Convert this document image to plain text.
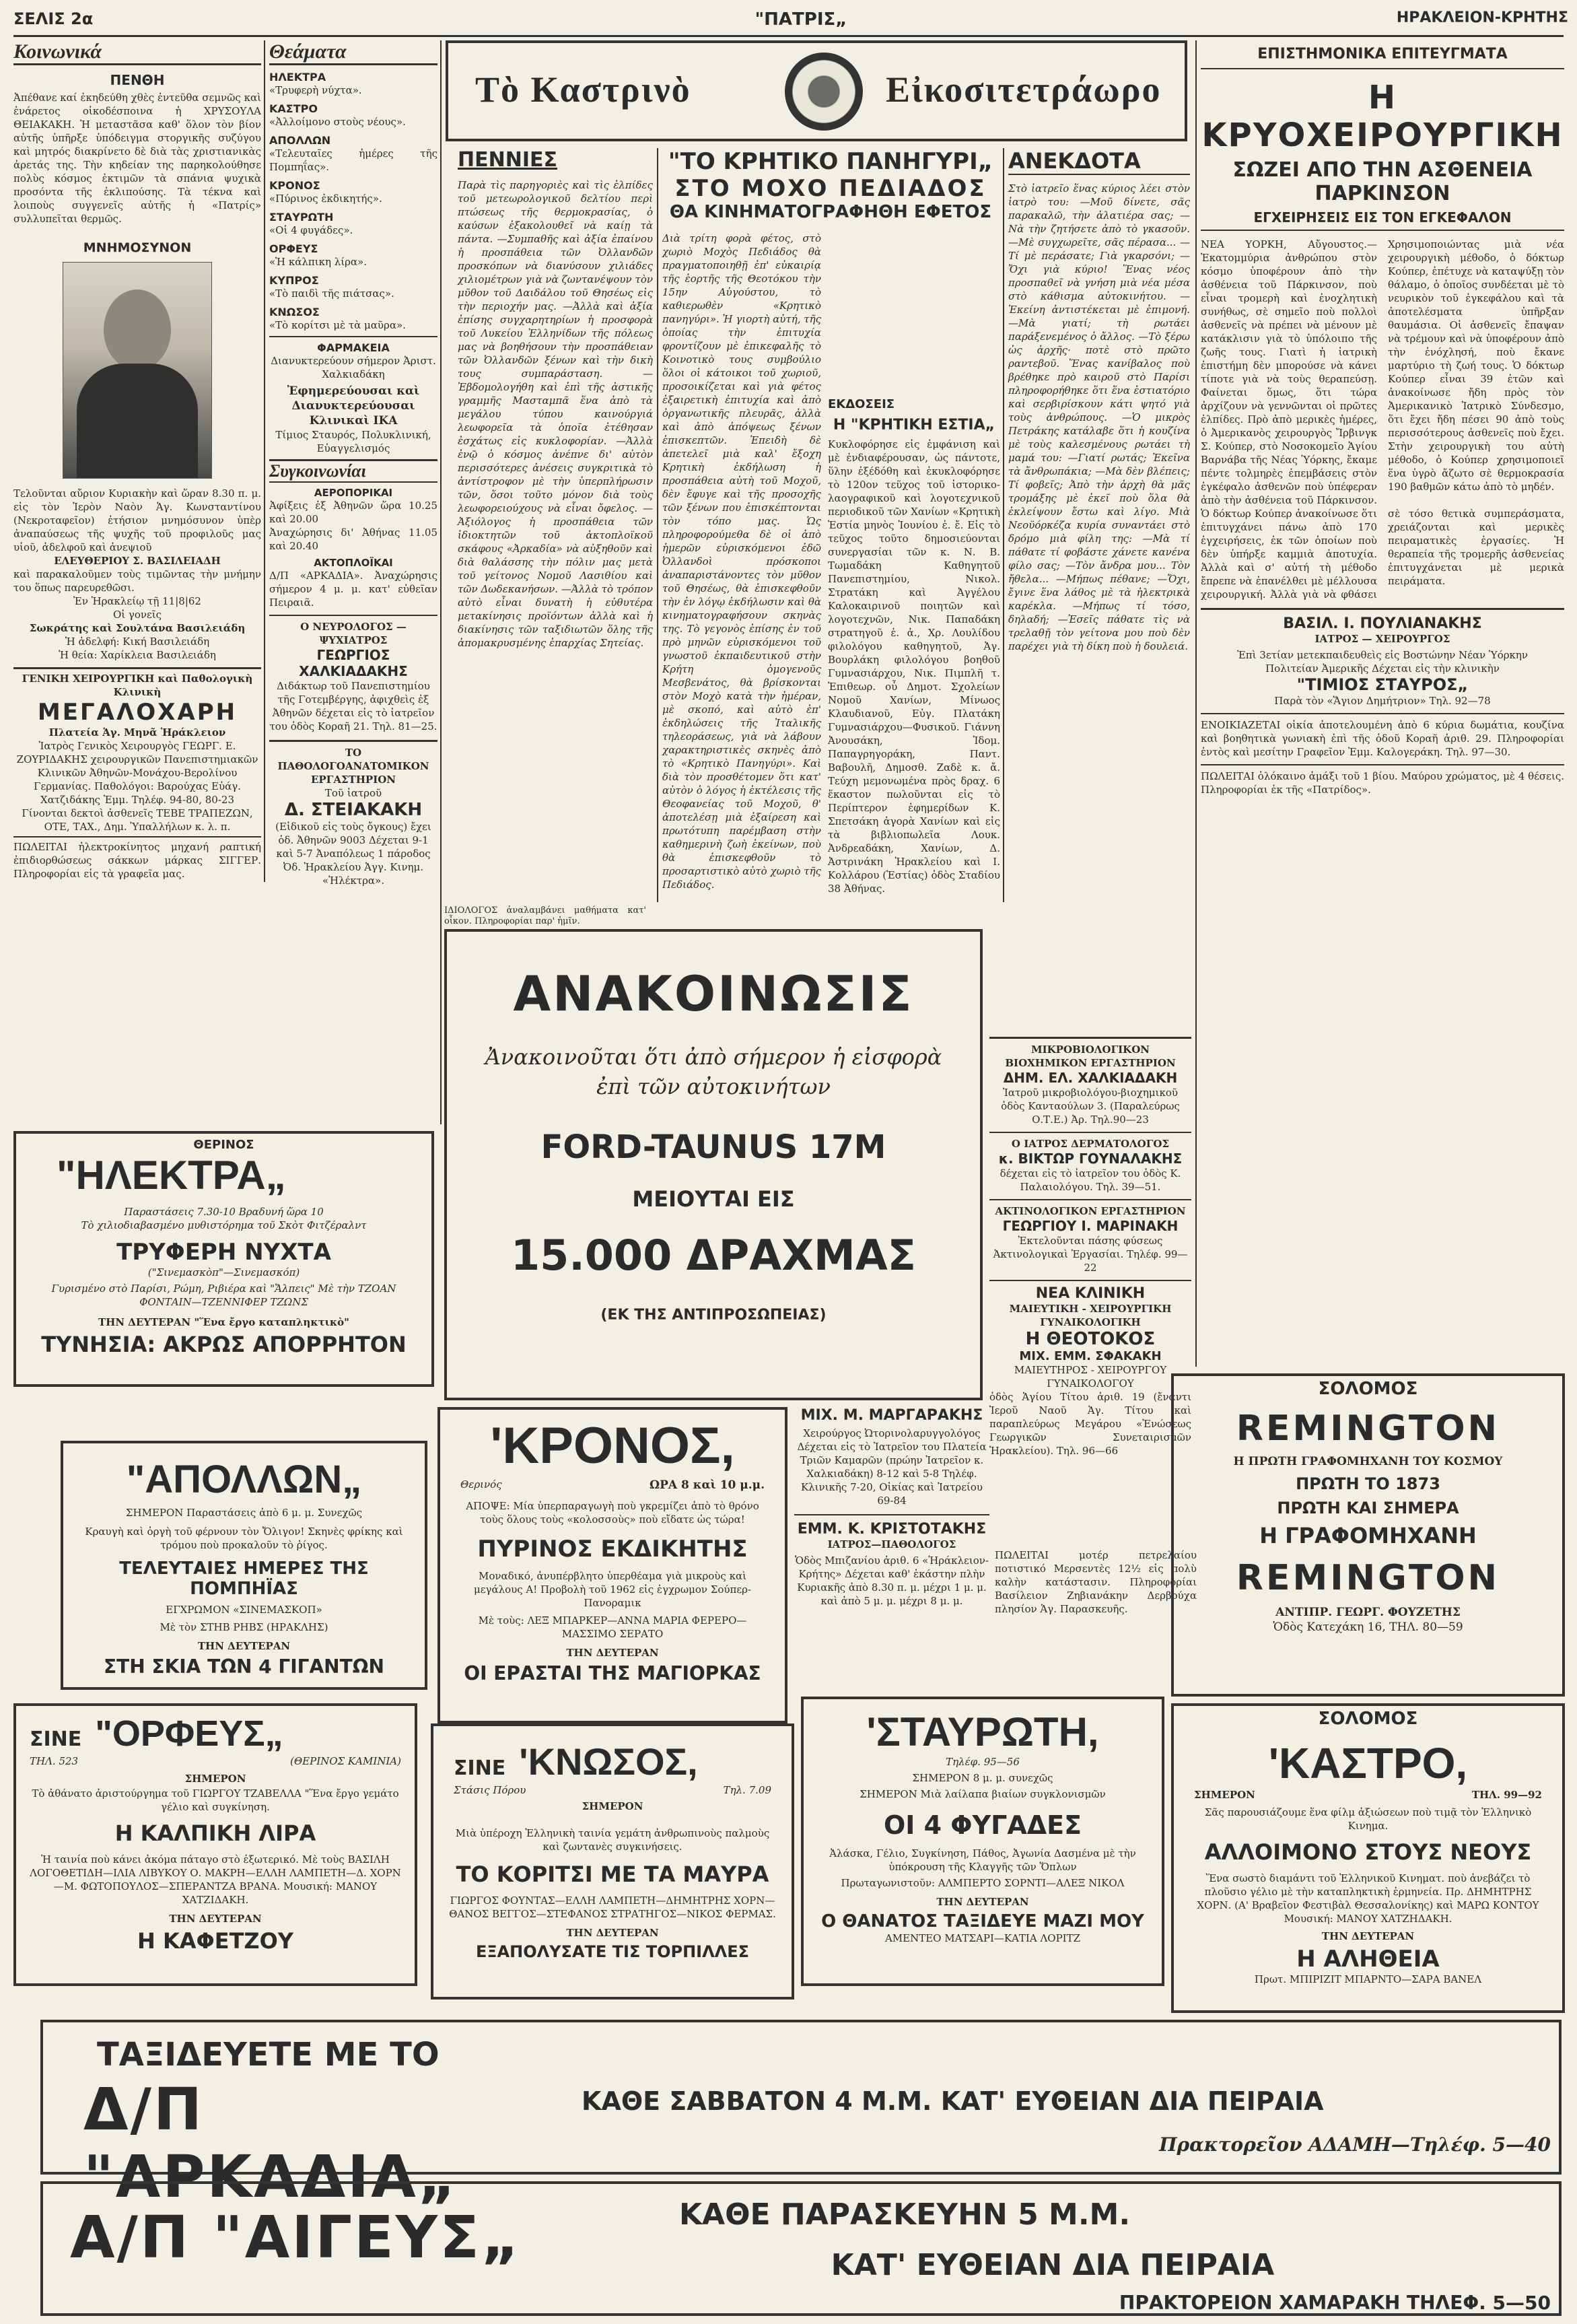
ΣΕΛΙΣ 2α	"ΠΑΤΡΙΣ„	ΗΡΑΚΛΕΙΟΝ-ΚΡΗΤΗΣ
Κοινωνικά
ΠΕΝΘΗ
Ἀπέθανε καί ἐκηδεύθη χθὲς ἐντεῦθα σεμνῶς καὶ ἐνάρετος οἰκοδέσποινα ἡ ΧΡΥΣΟΥΛΑ ΘΕΙΑΚΑΚΗ. Ἡ μεταστᾶσα καθ' ὅλον τὸν βίον αὐτῆς ὑπῆρξε ὑπόδειγμα στοργικῆς συζύγου καὶ μητρός διακρίνετο δὲ διὰ τὰς χριστιανικὰς ἀρετάς της. Τὴν κηδείαν της παρηκολούθησε πολὺς κόσμος ἐκτιμῶν τὰ σπάνια ψυχικὰ προσόντα τῆς ἐκλιπούσης. Τὰ τέκνα καὶ λοιποὺς συγγενεῖς αὐτῆς ἡ «Πατρίς» συλλυπεῖται θερμῶς.
ΜΝΗΜΟΣΥΝΟΝ
Τελοῦνται αὔριον Κυριακὴν καὶ ὥραν 8.30 π. μ. εἰς τὸν Ἱερὸν Ναὸν Ἁγ. Κωνσταντίνου (Νεκροταφεῖον) ἐτήσιον μνημόσυνον ὑπὲρ ἀναπαύσεως τῆς ψυχῆς τοῦ προφιλοῦς μας υἱοῦ, ἀδελφοῦ καὶ ἀνεψιοῦ
ΕΛΕΥΘΕΡΙΟΥ Σ. ΒΑΣΙΛΕΙΑΔΗ
καὶ παρακαλοῦμεν τοὺς τιμῶντας τὴν μνήμην του ὅπως παρευρεθῶσι.
Ἐν Ἡρακλείῳ τῇ 11|8|62
Οἱ γονεῖς
Σωκράτης καὶ Σουλτάνα Βασιλειάδη
Ἡ ἀδελφή: Κική Βασιλειάδη
Ἡ θεία: Χαρίκλεια Βασιλειάδη
ΓΕΝΙΚΗ ΧΕΙΡΟΥΡΓΙΚΗ καὶ Παθολογικὴ Κλινικὴ
ΜΕΓΑΛΟΧΑΡΗ
Πλατεία Ἁγ. Μηνᾶ Ἡράκλειον
Ἰατρὸς Γενικὸς Χειρουργὸς ΓΕΩΡΓ. Ε. ΖΟΥΡΙΔΑΚΗΣ χειρουργικῶν Πανεπιστημιακῶν Κλινικῶν Ἀθηνῶν-Μονάχου-Βερολίνου Γερμανίας. Παθολόγοι: Βαρούχας Εὐάγ. Χατζιδάκης Ἐμμ. Τηλέφ. 94-80, 80-23
Γίνονται δεκτοὶ ἀσθενεῖς ΤΕΒΕ ΤΡΑΠΕΖΩΝ, ΟΤΕ, ΤΑΧ., Δημ. Ὑπαλλήλων κ. λ. π.
ΠΩΛΕΙΤΑΙ ἠλεκτροκίνητος μηχανή ραπτική ἐπιδιορθώσεως σάκκων μάρκας ΣΙΓΓΕΡ. Πληροφορίαι εἰς τὰ γραφεῖα μας.
Θεάματα
ΗΛΕΚΤΡΑ
«Τρυφερὴ νύχτα».
ΚΑΣΤΡΟ
«Ἀλλοίμονο στοὺς νέους».
ΑΠΟΛΛΩΝ
«Τελευταῖες ἡμέρες τῆς Πομπηΐας».
ΚΡΟΝΟΣ
«Πύρινος ἐκδικητής».
ΣΤΑΥΡΩΤΗ
«Οἱ 4 φυγάδες».
ΟΡΦΕΥΣ
«Ἡ κάλπικη λίρα».
ΚΥΠΡΟΣ
«Τὸ παιδὶ τῆς πιάτσας».
ΚΝΩΣΟΣ
«Τὸ κορίτσι μὲ τὰ μαῦρα».
ΦΑΡΜΑΚΕΙΑ
Διανυκτερεύουν σήμερον Ἀριστ. Χαλκιαδάκη
Ἐφημερεύουσαι καὶ Διανυκτερεύουσαι Κλινικαὶ ΙΚΑ
Τίμιος Σταυρός, Πολυκλινική, Εὐαγγελισμός
Συγκοινωνίαι
ΑΕΡΟΠΟΡΙΚΑΙ
Ἀφίξεις ἐξ Ἀθηνῶν ὥρα 10.25 καὶ 20.00
Ἀναχώρησις δι' Ἀθήνας 11.05 καὶ 20.40
ΑΚΤΟΠΛΟΪΚΑΙ
Δ/Π «ΑΡΚΑΔΙΑ». Ἀναχώρησις σήμερον 4 μ. μ. κατ' εὐθεῖαν Πειραιᾶ.
Ο ΝΕΥΡΟΛΟΓΟΣ — ΨΥΧΙΑΤΡΟΣ
ΓΕΩΡΓΙΟΣ ΧΑΛΚΙΑΔΑΚΗΣ
Διδάκτωρ τοῦ Πανεπιστημίου τῆς Γοτεμβέργης, ἀφιχθεὶς ἐξ Ἀθηνῶν δέχεται εἰς τὸ ἰατρεῖον του ὁδὸς Κοραῆ 21. Τηλ. 81—25.
ΤΟ ΠΑΘΟΛΟΓΟΑΝΑΤΟΜΙΚΟΝ
ΕΡΓΑΣΤΗΡΙΟΝ
Τοῦ ἰατροῦ
Δ. ΣΤΕΙΑΚΑΚΗ
(Εἰδικοῦ εἰς τοὺς ὄγκους) ἔχει ὁδ. Ἀθηνῶν 9003 Δέχεται 9-1 καὶ 5-7 Ἀναπόλεως 1 πάροδος Ὀδ. Ἡρακλείου Ἀγγ. Κινημ. «Ἠλέκτρα».
Τὸ Καστρινὸ	Εἰκοσιτετράωρο
ΠΕΝΝΙΕΣ
Παρὰ τὶς παρηγοριὲς καὶ τὶς ἐλπίδες τοῦ μετεωρολογικοῦ δελτίου περὶ πτώσεως τῆς θερμοκρασίας, ὁ καύσων ἐξακολουθεῖ νὰ καίῃ τὰ πάντα. —Συμπαθῆς καὶ ἀξία ἐπαίνου ἡ προσπάθεια τῶν Ὀλλανδῶν προσκόπων νὰ διανύσουν χιλιάδες χιλιομέτρων γιὰ νὰ ζωντανέψουν τὸν μῦθον τοῦ Δαιδάλου τοῦ Θησέως εἰς τὴν περιοχήν μας. —Ἀλλὰ καὶ ἀξία ἐπίσης συγχαρητηρίων ἡ προσφορὰ τοῦ Λυκείου Ἑλληνίδων τῆς πόλεως μας νὰ βοηθήσουν τὴν προσπάθειαν τῶν Ὀλλανδῶν ξένων καὶ τὴν δικὴ τους συμπαράσταση. —Ἐβδομολογήθη καὶ ἐπὶ τῆς ἀστικῆς γραμμῆς Μασταμπᾶ ἕνα ἀπὸ τὰ μεγάλου τύπου καινούργιά λεωφορεῖα τὰ ὁποῖα ἐτέθησαν ἐσχάτως εἰς κυκλοφορίαν. —Ἀλλὰ ἐνῷ ὁ κόσμος ἀνέπνε δι' αὐτὸν περισσότερες ἀνέσεις συγκριτικὰ τὸ ἀντίστροφον μὲ τὴν ὑπερπλήρωσιν τῶν, ὅσοι τοῦτο μόνον διὰ τοὺς λεωφορειούχους νὰ εἶναι ὄφελος. —Ἀξιόλογος ἡ προσπάθεια τῶν ἰδιοκτητῶν τοῦ ἀκτοπλοϊκοῦ σκάφους «Ἀρκαδία» νὰ αὐξηθοῦν καὶ διὰ θαλάσσης τὴν πόλιν μας μετὰ τοῦ γείτονος Νομοῦ Λασιθίου καὶ τῶν Δωδεκανήσων. —Ἀλλὰ τὸ τρόπον αὐτὸ εἶναι δυνατὴ ἡ εὐθυτέρα μετακίνησις προϊόντων ἀλλὰ καὶ ἡ διακίνησις τῶν ταξιδιωτῶν ὅλης τῆς ἀπομακρυσμένης ἐπαρχίας Σητείας.
"ΤΟ ΚΡΗΤΙΚΟ ΠΑΝΗΓΥΡΙ„
ΣΤΟ ΜΟΧΟ ΠΕΔΙΑΔΟΣ
ΘΑ ΚΙΝΗΜΑΤΟΓΡΑΦΗΘΗ ΕΦΕΤΟΣ
Διὰ τρίτη φορὰ φέτος, στὸ χωριὸ Μοχὸς Πεδιάδος θὰ πραγματοποιηθῇ ἐπ' εὐκαιρίᾳ τῆς ἑορτῆς τῆς Θεοτόκου τὴν 15ην Αὐγούστου, τὸ καθιερωθὲν «Κρητικὸ πανηγύρι». Ἡ γιορτὴ αὐτή, τῆς ὁποίας τὴν ἐπιτυχία φροντίζουν μὲ ἐπικεφαλῆς τὸ Κοινοτικὸ τους συμβούλιο ὅλοι οἱ κάτοικοι τοῦ χωριοῦ, προσοικίζεται καὶ γιὰ φέτος ἐξαιρετικὴ ἐπιτυχία καὶ ἀπὸ ὀργανωτικῆς πλευρᾶς, ἀλλὰ καὶ ἀπὸ ἀπόψεως ξένων ἐπισκεπτῶν. Ἐπειδὴ δὲ ἀπετελεῖ μιὰ καλ' ἔξοχη Κρητικὴ ἐκδήλωση ἡ προσπάθεια αὐτὴ τοῦ Μοχοῦ, δὲν ἔφυγε καὶ τῆς προσοχῆς τῶν ξένων που ἐπισκέπτονται τὸν τόπο μας. Ὡς πληροφορούμεθα δὲ οἱ ἀπὸ ἡμερῶν εὑρισκόμενοι ἐδῶ Ὀλλανδοὶ πρόσκοποι ἀναπαριστάνοντες τὸν μῦθον τοῦ Θησέως, θὰ ἐπισκεφθοῦν τὴν ἐν λόγῳ ἐκδήλωσιν καὶ θὰ κινηματογραφήσουν σκηνὰς της. Τὸ γεγονὸς ἐπίσης ἐν τοῦ πρὸ μηνῶν εὑρισκόμενοι τοῦ γνωστοῦ ἐκπαιδευτικοῦ στὴν Κρήτη ὁμογενοῦς Μεσβενάτος, θὰ βρίσκονται στὸν Μοχὸ κατὰ τὴν ἡμέραν, μὲ σκοπό, καὶ αὐτὸ ἐπ' ἐκδηλώσεις τῆς Ἰταλικῆς τηλεοράσεως, γιὰ νὰ λάβουν χαρακτηριστικὲς σκηνὲς ἀπὸ τὸ «Κρητικὸ Πανηγύρι». Καὶ διὰ τὸν προσθέτομεν ὅτι κατ' αὐτὸν ὁ λόγος ἡ ἐκτέλεσις τῆς Θεοφανείας τοῦ Μοχοῦ, θ' ἀποτελέσῃ μιὰ ἐξαίρεση καὶ πρωτότυπη παρέμβαση στὴν καθημερινὴ ζωὴ ἐκείνων, ποὺ θὰ ἐπισκεφθοῦν τὸ προσαρτιστικὸ αὐτὸ χωριὸ τῆς Πεδιάδος.
ΑΝΕΚΔΟΤΑ
Στὸ ἰατρεῖο ἕνας κύριος λέει στὸν ἰατρὸ του: —Μοῦ δίνετε, σᾶς παρακαλῶ, τὴν ἀλατιέρα σας; —Νὰ τὴν ζητήσετε ἀπὸ τὸ γκασοῦν. —Μὲ συγχωρεῖτε, σᾶς πέρασα... —Τί μὲ περάσατε; Γιὰ γκαρσόνι; —Ὄχι γιὰ κύριο! Ἕνας νέος προσπαθεῖ νὰ γνήση μιὰ νέα μέσα στὸ κάθισμα αὐτοκινήτου. —Ἐκείνη ἀντιστέκεται μὲ ἐπιμονή. —Μὰ γιατί; τὴ ρωτάει παράξενεμένος ὁ ἄλλος. —Τὸ ξέρω ὡς ἀρχῆς· ποτὲ στὸ πρῶτο ραντεβοῦ. Ἕνας κανίβαλος ποὺ βρέθηκε πρὸ καιροῦ στὸ Παρίσι πληροφορήθηκε ὅτι ἕνα ἑστιατόριο καὶ σερβιρίσκουν κάτι ψητό γιὰ τοὺς ἀνθρώπους. —Ὁ μικρὸς Πετράκης κατάλαβε ὅτι ἡ κουζίνα μὲ τοὺς καλεσμένους ρωτάει τὴ μαμά του: —Γιατί ρωτάς; Ἐκεῖνα τὰ ἄνθρωπάκια; —Μὰ δὲν βλέπεις; Τί φοβεῖς; Ἀπὸ τὴν ἀρχὴ θὰ μᾶς τρομάξης μὲ ἐκεῖ ποὺ ὅλα θὰ ἐκλείψουν ἔστω καὶ λίγο. Μιὰ Νεοϋόρκέζα κυρία συναντάει στὸ δρόμο μιὰ φίλη της: —Μὰ τί πάθατε τί φοβάστε χάνετε κανένα φίλο σας; —Τὸν ἄνδρα μου... Τὸν ἤθελα... —Μήπως πέθανε; —Ὄχι, ἔγινε ἕνα λάθος μὲ τὰ ἠλεκτρικὰ καρέκλα. —Μήπως τί τόσο, δηλαδή; —Ἐσεῖς πάθατε τὶς νὰ τρελαθῇ τὸν γείτονα μου ποὺ δὲν παρέχει γιὰ τὴ δίκη ποὺ ἡ δουλειά.
ΑΝΑΚΟΙΝΩΣΙΣ
Ἀνακοινοῦται ὅτι ἀπὸ σήμερον ἡ εἰσφορὰ ἐπὶ τῶν αὐτοκινήτων
FORD-TAUNUS 17M
ΜΕΙΟΥΤΑΙ ΕΙΣ
15.000 ΔΡΑΧΜΑΣ
(ΕΚ ΤΗΣ ΑΝΤΙΠΡΟΣΩΠΕΙΑΣ)
ΜΙΚΡΟΒΙΟΛΟΓΙΚΟΝ ΒΙΟΧΗΜΙΚΟΝ ΕΡΓΑΣΤΗΡΙΟΝ
ΔΗΜ. ΕΛ. ΧΑΛΚΙΑΔΑΚΗ
Ἰατροῦ μικροβιολόγου-βιοχημικοῦ ὁδὸς Κανταούλων 3. (Παραλεύρως Ο.Τ.Ε.) Ἀρ. Τηλ.90—23
Ο ΙΑΤΡΟΣ ΔΕΡΜΑΤΟΛΟΓΟΣ
κ. ΒΙΚΤΩΡ ΓΟΥΝΑΛΑΚΗΣ
δέχεται εἰς τὸ ἰατρεῖον του ὁδὸς Κ. Παλαιολόγου. Τηλ. 39—51.
ΑΚΤΙΝΟΛΟΓΙΚΟΝ ΕΡΓΑΣΤΗΡΙΟΝ
ΓΕΩΡΓΙΟΥ Ι. ΜΑΡΙΝΑΚΗ
Ἐκτελοῦνται πάσης φύσεως Ἀκτινολογικαὶ Ἐργασίαι. Τηλέφ. 99—22
ΝΕΑ ΚΛΙΝΙΚΗ
ΜΑΙΕΥΤΙΚΗ - ΧΕΙΡΟΥΡΓΙΚΗ ΓΥΝΑΙΚΟΛΟΓΙΚΗ
Η ΘΕΟΤΟΚΟΣ
ΜΙΧ. ΕΜΜ. ΣΦΑΚΑΚΗ
ΜΑΙΕΥΤΗΡΟΣ - ΧΕΙΡΟΥΡΓΟΥ ΓΥΝΑΙΚΟΛΟΓΟΥ
ὁδὸς Ἁγίου Τίτου ἀριθ. 19 (ἔναντι Ἱεροῦ Ναοῦ Ἁγ. Τίτου καὶ παραπλεύρως Μεγάρου «Ἑνώσεως Γεωργικῶν Συνεταιρισμῶν Ἡρακλείου). Τηλ. 96—66
ΘΕΡΙΝΟΣ
"ΗΛΕΚΤΡΑ„
Παραστάσεις 7.30-10 Βραδυνή ὥρα 10
Τὸ χιλιοδιαβασμένο μυθιστόρημα τοῦ Σκὸτ Φιτζέραλντ
ΤΡΥΦΕΡΗ ΝΥΧΤΑ
("Σινεμασκὸπ"—Σινεμασκόπ)
Γυρισμένο στὸ Παρίσι, Ρώμη, Ριβιέρα καὶ "Ἄλπεις" Μὲ τὴν ΤΖΟΑΝ ΦΟΝΤΑΙΝ—ΤΖΕΝΝΙΦΕΡ ΤΖΩΝΣ
ΤΗΝ ΔΕΥΤΕΡΑΝ "Ἕνα ἔργο καταπληκτικὸ"
ΤΥΝΗΣΙΑ: ΑΚΡΩΣ ΑΠΟΡΡΗΤΟΝ
"ΑΠΟΛΛΩΝ„
ΣΗΜΕΡΟΝ Παραστάσεις ἀπὸ 6 μ. μ. Συνεχῶς
Κραυγὴ καὶ ὀργὴ τοῦ φέρνουν τὸν Ὄλιγον! Σκηνὲς φρίκης καὶ τρόμου ποὺ προκαλοῦν τὸ ῥίγος.
ΤΕΛΕΥΤΑΙΕΣ ΗΜΕΡΕΣ ΤΗΣ ΠΟΜΠΗΪΑΣ
ΕΓΧΡΩΜΟΝ «ΣΙΝΕΜΑΣΚΟΠ»
Μὲ τὸν ΣΤΗΒ ΡΗΒΣ (ΗΡΑΚΛΗΣ)
ΤΗΝ ΔΕΥΤΕΡΑΝ
ΣΤΗ ΣΚΙΑ ΤΩΝ 4 ΓΙΓΑΝΤΩΝ
'ΚΡΟΝΟΣ,
Θερινός	ΩΡΑ 8 καὶ 10 μ.μ.
ΑΠΟΨΕ: Μία ὑπερπαραγωγὴ ποὺ γκρεμίζει ἀπὸ τὸ θρόνο τοὺς ὅλους τοὺς «κολοσσοὺς» ποὺ εἴδατε ὡς τώρα!
ΠΥΡΙΝΟΣ ΕΚΔΙΚΗΤΗΣ
Μοναδικό, ἀνυπέρβλητο ὑπερθέαμα γιὰ μικροὺς καὶ μεγάλους Α! Προβολὴ τοῦ 1962 εἰς ἐγχρωμον Σούπερ-Πανοραμικ
Μὲ τοὺς: ΛΕΞ ΜΠΑΡΚΕΡ—ΑΝΝΑ ΜΑΡΙΑ ΦΕΡΕΡΟ—ΜΑΣΣΙΜΟ ΣΕΡΑΤΟ
ΤΗΝ ΔΕΥΤΕΡΑΝ
ΟΙ ΕΡΑΣΤΑΙ ΤΗΣ ΜΑΓΙΟΡΚΑΣ
ΜΙΧ. Μ. ΜΑΡΓΑΡΑΚΗΣ
Χειρούργος Ὠτορινολαρυγγολόγος Δέχεται εἰς τὸ Ἰατρεῖον του Πλατεία Τριῶν Καμαρῶν (πρώην Ἰατρεῖον κ. Χαλκιαδάκη) 8-12 καὶ 5-8 Τηλέφ. Κλινικῆς 7-20, Οἰκίας καὶ Ἰατρείου 69-84
ΕΜΜ. Κ. ΚΡΙΣΤΟΤΑΚΗΣ
ΙΑΤΡΟΣ—ΠΑΘΟΛΟΓΟΣ
Ὁδὸς Μπιζανίου ἀριθ. 6 «Ἡράκλειον-Κρήτης» Δέχεται καθ' ἑκάστην πλὴν Κυριακῆς ἀπὸ 8.30 π. μ. μέχρι 1 μ. μ. καὶ ἀπὸ 5 μ. μ. μέχρι 8 μ. μ.
ΠΩΛΕΙΤΑΙ μοτέρ πετρελαίου ποτιστικό Μερσεντὲς 12½ εἰς πολὺ καλὴν κατάστασιν. Πληροφορίαι Βασίλειον Ζηβιανάκην Δερβούχα πλησίον Ἁγ. Παρασκευῆς.
ΣΙΝΕ "ΟΡΦΕΥΣ„
ΤΗΛ. 523	(ΘΕΡΙΝΟΣ ΚΑΜΙΝΙΑ)
ΣΗΜΕΡΟΝ
Τὸ ἀθάνατο ἀριστούργημα τοῦ ΓΙΩΡΓΟΥ ΤΖΑΒΕΛΛΑ "Ἕνα ἔργο γεμάτο γέλιο καὶ συγκίνηση.
Η ΚΑΛΠΙΚΗ ΛΙΡΑ
Ἡ ταινία ποὺ κάνει ἀκόμα πάταγο στὸ ἐξωτερικό. Μὲ τοὺς ΒΑΣΙΛΗ ΛΟΓΟΘΕΤΙΔΗ—ΙΛΙΑ ΛΙΒΥΚΟΥ Ο. ΜΑΚΡΗ—ΕΛΛΗ ΛΑΜΠΕΤΗ—Δ. ΧΟΡΝ—Μ. ΦΩΤΟΠΟΥΛΟΣ—ΣΠΕΡΑΝΤΖΑ ΒΡΑΝΑ. Μουσική: ΜΑΝΟΥ ΧΑΤΖΙΔΑΚΗ.
ΤΗΝ ΔΕΥΤΕΡΑΝ
Η ΚΑΦΕΤΖΟΥ
ΣΙΝΕ 'ΚΝΩΣΟΣ,
Στάσις Πόρου	Τηλ. 7.09
ΣΗΜΕΡΟΝ
Μιὰ ὑπέροχη Ἑλληνικὴ ταινία γεμάτη ἀνθρωπινοὺς παλμοὺς καὶ ζωντανὲς συγκινήσεις.
ΤΟ ΚΟΡΙΤΣΙ ΜΕ ΤΑ ΜΑΥΡΑ
ΓΙΩΡΓΟΣ ΦΟΥΝΤΑΣ—ΕΛΛΗ ΛΑΜΠΕΤΗ—ΔΗΜΗΤΡΗΣ ΧΟΡΝ—ΘΑΝΟΣ ΒΕΓΓΟΣ—ΣΤΕΦΑΝΟΣ ΣΤΡΑΤΗΓΟΣ—ΝΙΚΟΣ ΦΕΡΜΑΣ.
ΤΗΝ ΔΕΥΤΕΡΑΝ
ΕΞΑΠΟΛΥΣΑΤΕ ΤΙΣ ΤΟΡΠΙΛΛΕΣ
'ΣΤΑΥΡΩΤΗ,
Τηλέφ. 95—56
ΣΗΜΕΡΟΝ 8 μ. μ. συνεχῶς
ΣΗΜΕΡΟΝ Μιὰ λαίλαπα βιαίων συγκλονισμῶν
ΟΙ 4 ΦΥΓΑΔΕΣ
Ἀλάσκα, Γέλιο, Συγκίνηση, Πάθος, Ἀγωνία Δασμένα μὲ τὴν ὑπόκρουση τῆς Κλαγγῆς τῶν Ὅπλων
Πρωταγωνιστοῦν: ΑΛΜΠΕΡΤΟ ΣΟΡΝΤΙ—ΑΛΕΞ ΝΙΚΟΛ
ΤΗΝ ΔΕΥΤΕΡΑΝ
Ο ΘΑΝΑΤΟΣ ΤΑΞΙΔΕΥΕ ΜΑΖΙ ΜΟΥ
ΑΜΕΝΤΕΟ ΜΑΤΣΑΡΙ—ΚΑΤΙΑ ΛΟΡΙΤΖ
ΕΠΙΣΤΗΜΟΝΙΚΑ ΕΠΙΤΕΥΓΜΑΤΑ
Η ΚΡΥΟΧΕΙΡΟΥΡΓΙΚΗ
ΣΩΖΕΙ ΑΠΟ ΤΗΝ ΑΣΘΕΝΕΙΑ ΠΑΡΚΙΝΣΟΝ
ΕΓΧΕΙΡΗΣΕΙΣ ΕΙΣ ΤΟΝ ΕΓΚΕΦΑΛΟΝ
ΝΕΑ ΥΟΡΚΗ, Αὔγουστος.—Ἑκατομμύρια ἀνθρώπου στὸν κόσμο ὑποφέρουν ἀπὸ τὴν ἀσθένεια τοῦ Πάρκινσον, ποὺ εἶναι τρομερὴ καὶ ἐνοχλητικὴ συνήθως, σὲ σημεῖο ποὺ πολλοὶ ἀσθενεῖς νὰ πρέπει νὰ μένουν μὲ κατάκλισιν γιὰ τὸ ὑπόλοιπο τῆς ζωῆς τους. Γιατὶ ἡ ἰατρικὴ ἐπιστήμη δὲν μπορούσε νὰ κάνει τίποτε γιὰ νὰ τοὺς θεραπεύσῃ. Φαίνεται ὅμως, ὅτι τώρα ἀρχίζουν νὰ γεννῶνται οἱ πρῶτες ἐλπίδες. Πρὸ ἀπὸ μερικὲς ἡμέρες, ὁ Ἀμερικανὸς χειρουργὸς Ἴρβινγκ Σ. Κούπερ, στὸ Νοσοκομεῖο Ἁγίου Βαρνάβα τῆς Νέας Ὑόρκης, ἔκαμε πέντε τολμηρὲς ἐπεμβάσεις στὸν ἐγκέφαλο ἀσθενῶν ποὺ ὑπέφεραν ἀπὸ τὴν ἀσθένεια τοῦ Πάρκινσον. Χρησιμοποιώντας μιὰ νέα χειρουργικὴ μέθοδο, ὁ δόκτωρ Κούπερ, ἐπέτυχε νὰ καταψύξῃ τὸν θάλαμο, ὁ ὁποῖος συνδέεται μὲ τὸ νευρικὸν τοῦ ἐγκεφάλου καὶ τὰ ἀποτελέσματα ὑπῆρξαν θαυμάσια. Οἱ ἀσθενεῖς ἔπαψαν νὰ τρέμουν καὶ νὰ ὑποφέρουν ἀπὸ τὴν ἐνόχλησή, ποὺ ἔκανε μαρτύριο τὴ ζωή τους. Ὁ δόκτωρ Κούπερ εἶναι 39 ἐτῶν καὶ ἀνακοίνωσε ἤδη πρὸς τὸν Ἀμερικανικὸ Ἰατρικὸ Σύνδεσμο, ὅτι ἔχει ἤδη πέσει 90 ἀπὸ τοὺς περισσότερους ἀσθενεῖς ποὺ ἔχει. Στὴν χειρουργικὴ του αὐτὴ μέθοδο, ὁ Κούπερ χρησιμοποιεῖ ἕνα ὑγρὸ ἄζωτο σὲ θερμοκρασία 190 βαθμῶν κάτω ἀπὸ τὸ μηδέν.
Ὁ δόκτωρ Κούπερ ἀνακοίνωσε ὅτι ἐπιτυγχάνει πάνω ἀπὸ 170 ἐγχειρήσεις, ἐκ τῶν ὁποίων ποὺ δὲν ὑπήρξε καμμιὰ ἀποτυχία. Ἀλλὰ καὶ σ' αὐτή τὴ μέθοδο ἔπρεπε νὰ ἐπανέλθει μὲ μέλλουσα χειρουργική. Ἀλλὰ γιὰ νὰ φθάσει σὲ τόσο θετικὰ συμπεράσματα, χρειάζονται καὶ μερικὲς πειραματικὲς ἐργασίες. Ἡ θεραπεία τῆς τρομερῆς ἀσθενείας ἐπιτυγχάνεται μὲ μερικὰ πειράματα.
ΒΑΣΙΛ. Ι. ΠΟΥΛΙΑΝΑΚΗΣ
ΙΑΤΡΟΣ — ΧΕΙΡΟΥΡΓΟΣ
Ἐπὶ 3ετίαν μετεκπαιδευθεὶς εἰς Βοστώνην Νέαν Ὑόρκην Πολιτείαν Ἀμερικῆς Δέχεται εἰς τὴν κλινικὴν
"ΤΙΜΙΟΣ ΣΤΑΥΡΟΣ„
Παρὰ τὸν «Ἅγιον Δημήτριον» Τηλ. 92—78
ΕΝΟΙΚΙΑΖΕΤΑΙ οἰκία ἀποτελουμένη ἀπὸ 6 κύρια δωμάτια, κουζίνα καὶ βοηθητικὰ γωνιακὴ ἐπὶ τῆς ὁδοῦ Κοραῆ ἀριθ. 29. Πληροφορίαι ἐντὸς καὶ μεσίτην Γραφεῖον Ἐμμ. Καλογεράκη. Τηλ. 97—30.
ΠΩΛΕΙΤΑΙ ὁλόκαινο ἀμάξι τοῦ 1 βίου. Μαύρου χρώματος, μὲ 4 θέσεις. Πληροφορίαι ἐκ τῆς «Πατρίδος».
ΣΟΛΟΜΟΣ
REMINGTON
Η ΠΡΩΤΗ ΓΡΑΦΟΜΗΧΑΝΗ ΤΟΥ ΚΟΣΜΟΥ
ΠΡΩΤΗ ΤΟ 1873
ΠΡΩΤΗ ΚΑΙ ΣΗΜΕΡΑ
Η ΓΡΑΦΟΜΗΧΑΝΗ
REMINGTON
ΑΝΤΙΠΡ. ΓΕΩΡΓ. ΦΟΥΖΕΤΗΣ
Ὁδὸς Κατεχάκη 16, ΤΗΛ. 80—59
ΣΟΛΟΜΟΣ
'ΚΑΣΤΡΟ,
ΣΗΜΕΡΟΝ	ΤΗΛ. 99—92
Σᾶς παρουσιάζουμε ἕνα φίλμ ἀξιώσεων ποὺ τιμᾷ τὸν Ἑλληνικὸ Κινημα.
ΑΛΛΟΙΜΟΝΟ ΣΤΟΥΣ ΝΕΟΥΣ
Ἕνα σωστὸ διαμάντι τοῦ Ἑλληνικοῦ Κινηματ. ποὺ ἀνεβάζει τὸ πλοῦσιο γέλιο μὲ τὴν καταπληκτικὴ ἑρμηνεία. Πρ. ΔΗΜΗΤΡΗΣ ΧΟΡΝ. (Α' Βραβεῖον Φεστιβὰλ Θεσσαλονίκης) καὶ ΜΑΡΩ ΚΟΝΤΟΥ Μουσική: ΜΑΝΟΥ ΧΑΤΖΗΔΑΚΗ.
ΤΗΝ ΔΕΥΤΕΡΑΝ
Η ΑΛΗΘΕΙΑ
Πρωτ. ΜΠΙΡΙΖΙΤ ΜΠΑΡΝΤΟ—ΣΑΡΑ ΒΑΝΕΛ
ΤΑΞΙΔΕΥΕΤΕ ΜΕ ΤΟ
Δ/Π "ΑΡΚΑΔΙΑ„
ΚΑΘΕ ΣΑΒΒΑΤΟΝ 4 Μ.Μ. ΚΑΤ' ΕΥΘΕΙΑΝ ΔΙΑ ΠΕΙΡΑΙΑ
Πρακτορεῖον ΑΔΑΜΗ—Τηλέφ. 5—40
Α/Π "ΑΙΓΕΥΣ„	ΚΑΘΕ ΠΑΡΑΣΚΕΥΗΝ 5 Μ.Μ.
ΚΑΤ' ΕΥΘΕΙΑΝ ΔΙΑ ΠΕΙΡΑΙΑ
ΠΡΑΚΤΟΡΕΙΟΝ ΧΑΜΑΡΑΚΗ ΤΗΛΕΦ. 5—50
ΕΚΔΟΣΕΙΣ
Η "ΚΡΗΤΙΚΗ ΕΣΤΙΑ„
Κυκλοφόρησε εἰς ἐμφάνιση καὶ μὲ ἐνδιαφέρουσαν, ὡς πάντοτε, ὕλην ἐξέδόθη καὶ ἐκυκλοφόρησε τὸ 120ον τεῦχος τοῦ ἱστορικο-λαογραφικοῦ καὶ λογοτεχνικοῦ περιοδικοῦ τῶν Χανίων «Κρητικὴ Ἑστία μηνὸς Ἰουνίου ἐ. ἔ. Εἰς τὸ τεῦχος τοῦτο δημοσιεύονται συνεργασίαι τῶν κ. Ν. Β. Τωμαδάκη Καθηγητοῦ Πανεπιστημίου, Νικολ. Στρατάκη καὶ Ἀγγέλου Καλοκαιρινοῦ ποιητῶν καὶ λογοτεχνῶν, Νικ. Παπαδάκη στρατηγοῦ ἐ. ἀ., Χρ. Λουλίδου φιλολόγου καθηγητοῦ, Ἀγ. Βουρλάκη φιλολόγου βοηθοῦ Γυμνασιάρχου, Νικ. Πιμπλῆ τ. Ἐπιθεωρ. οὖ Δημοτ. Σχολείων Νομοῦ Χανίων, Μίνωος Κλαυδιανοῦ, Εὐγ. Πλατάκη Γυμνασιάρχου—Φυσικοῦ. Γιάννη Ἀνουσάκη, Ἰδομ. Παπαγρηγοράκη, Παντ. Βαβουλῆ, Δημοσθ. Ζαδὲ κ. ἄ. Τεύχη μεμονωμένα πρὸς δραχ. 6 ἕκαστον πωλοῦνται εἰς τὸ Περίπτερον ἐφημερίδων Κ. Σπετσάκη ἀγορὰ Χανίων καὶ εἰς τὰ βιβλιοπωλεῖα Λουκ. Ἀνδρεαδάκη, Χανίων, Δ. Ἀστρινάκη Ἡρακλείου καὶ Ι. Κολλάρου (Ἑστίας) ὁδὸς Σταδίου 38 Ἀθήνας.
ΙΔΙΟΛΟΓΟΣ ἀναλαμβάνει μαθήματα κατ' οἶκον. Πληροφορίαι παρ' ἡμῖν.
